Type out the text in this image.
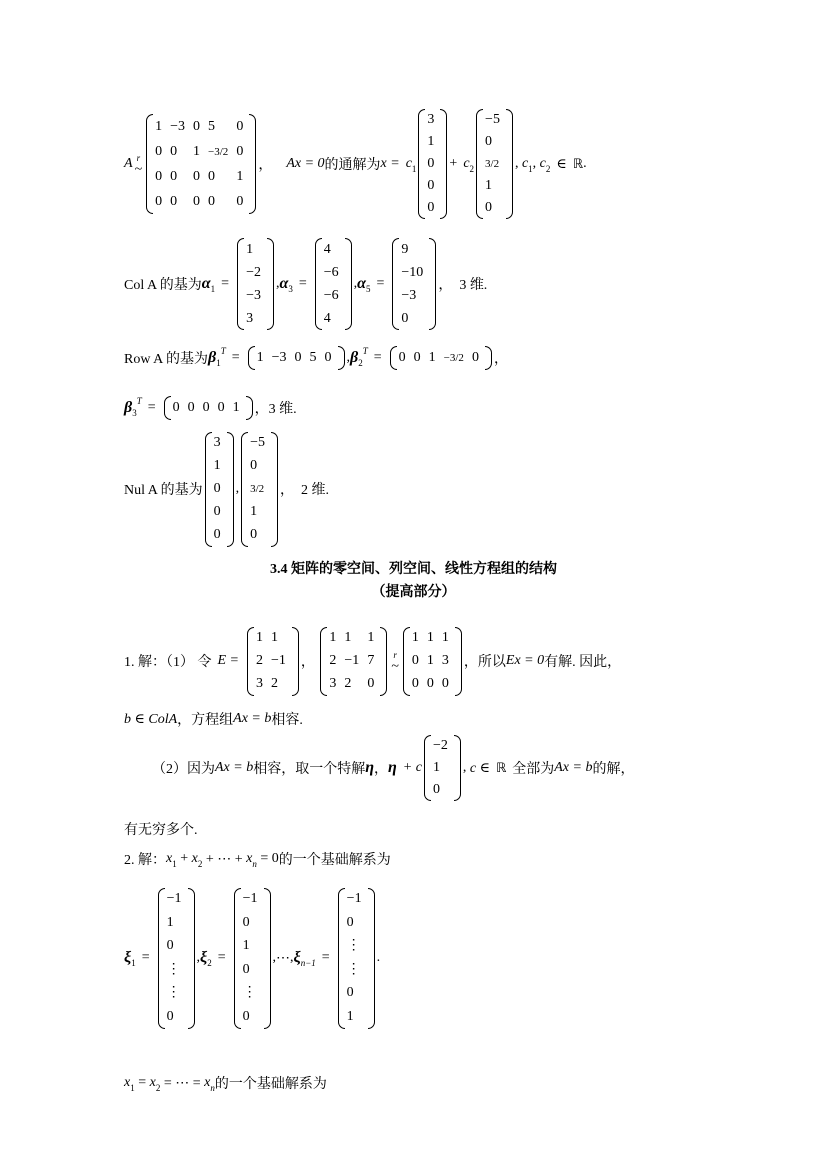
A r
~
1	−3	0	5	0
0	0	1	−3/2	0
0	0	0	0	1
0	0	0	0	0
， Ax = 0 的通解为 x = c 1
3
1
0
0
0
+ c 2
−5
0
3/2
1
0
, c 1 , c 2 ∈ ℝ .
Col A 的基为 α 1 =
1
−2
−3
3
, α 3 =
4
−6
−6
4
, α 5 =
9
−10
−3
0
， 3 维.
Row A 的基为 β 1
T = 1	−3	0	5	0 , β 2
T = 0	0	1	−3/2	0 ，
β 3
T = 0	0	0	0	1 ， 3 维.
Nul A 的基为
3
1
0
0
0
,
−5
0
3/2
1
0
， 2 维.
3.4 矩阵的零空间、列空间、线性方程组的结构
（提高部分）
1. 解：（1） 令 E =
1	1
2	−1
3	2
，
1	1	1
2	−1	7
3	2	0
r
~
1	1	1
0	1	3
0	0	0
，所以 Ex = 0 有解. 因此，
b ∈ ColA ，方程组 Ax = b 相容.
（2）因为 Ax = b 相容，取一个特解 η ， η + c
−2
1
0
, c ∈ ℝ 全部为 Ax = b 的解，
有无穷多个.
2. 解： x 1 + x 2 + ⋯ + x n = 0 的一个基础解系为
ξ 1 =
−1
1
0
⋮
⋮
0
, ξ 2 =
−1
0
1
0
⋮
0
, ⋯ , ξ n−1 =
−1
0
⋮
⋮
0
1
.
x 1 = x 2 = ⋯ = x n 的一个基础解系为
